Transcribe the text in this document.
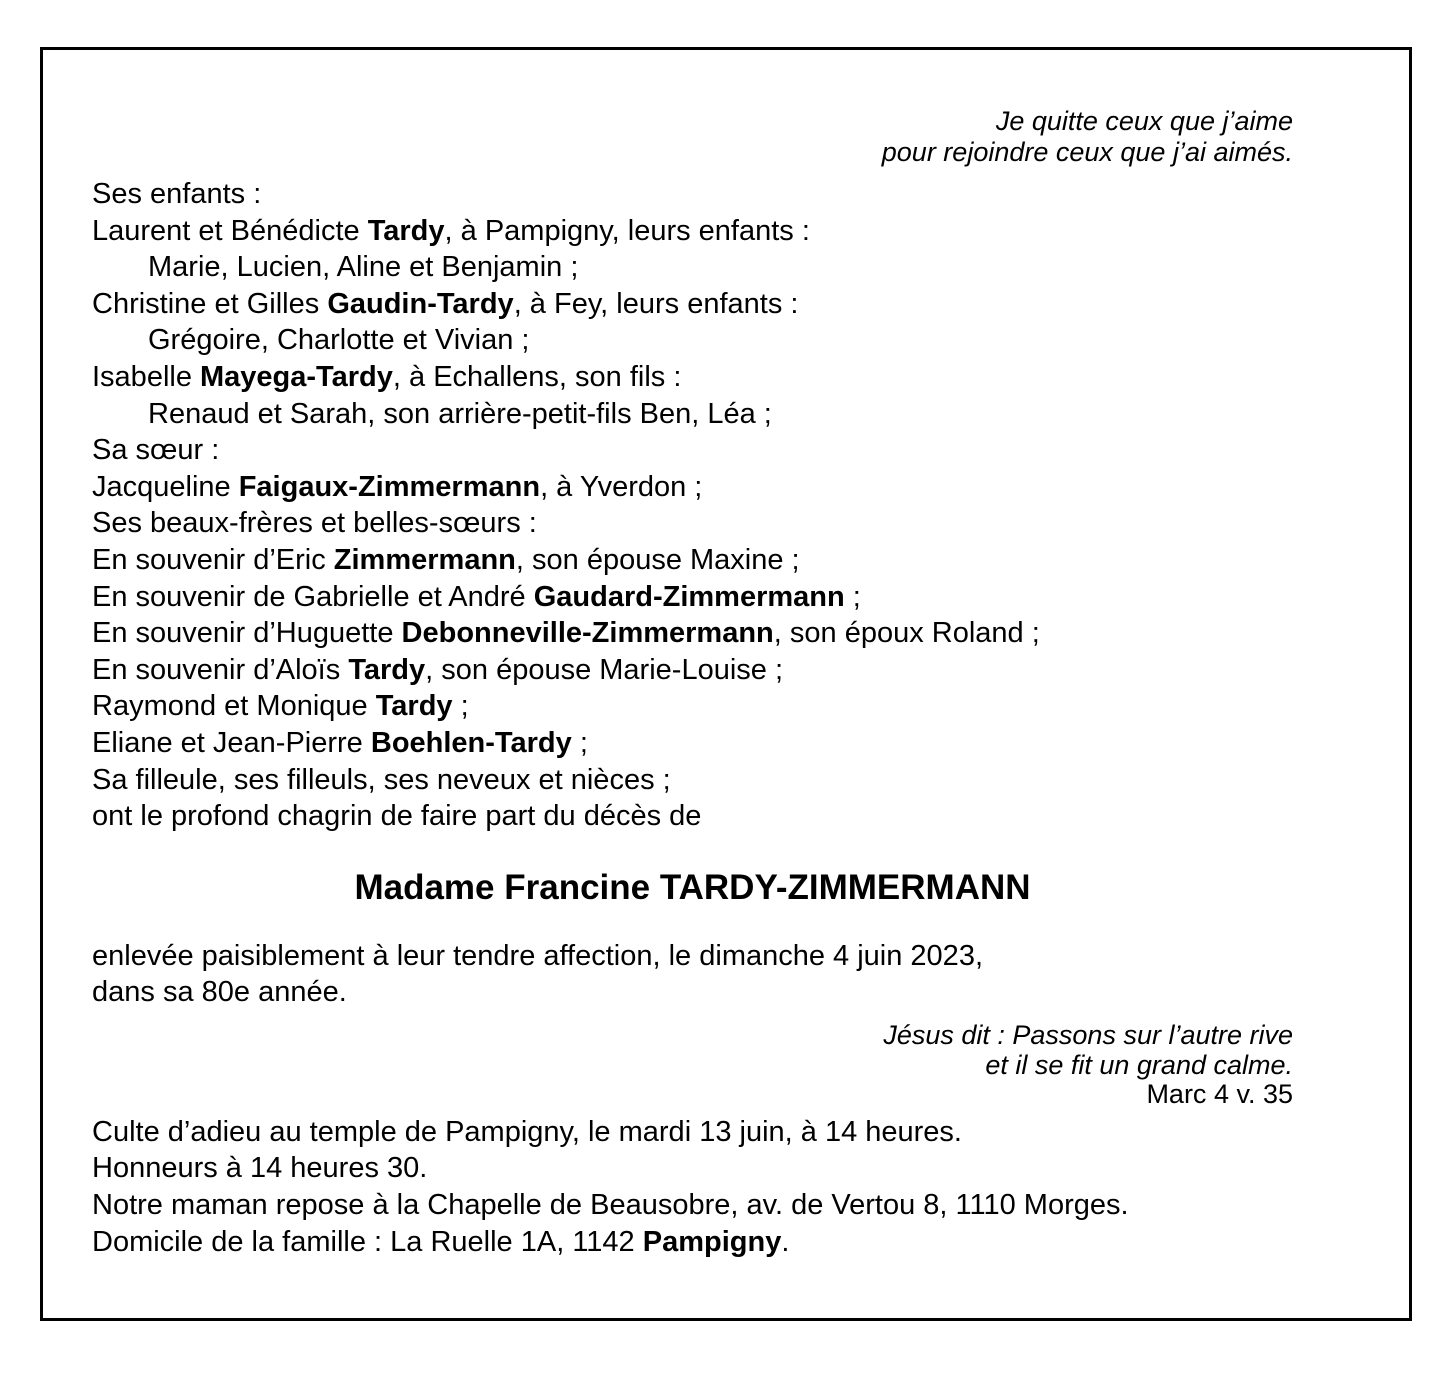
Je quitte ceux que j’aime
pour rejoindre ceux que j’ai aimés.
Ses enfants :
Laurent et Bénédicte Tardy, à Pampigny, leurs enfants :
Marie, Lucien, Aline et Benjamin ;
Christine et Gilles Gaudin-Tardy, à Fey, leurs enfants :
Grégoire, Charlotte et Vivian ;
Isabelle Mayega-Tardy, à Echallens, son fils :
Renaud et Sarah, son arrière-petit-fils Ben, Léa ;
Sa sœur :
Jacqueline Faigaux-Zimmermann, à Yverdon ;
Ses beaux-frères et belles-sœurs :
En souvenir d’Eric Zimmermann, son épouse Maxine ;
En souvenir de Gabrielle et André Gaudard-Zimmermann ;
En souvenir d’Huguette Debonneville-Zimmermann, son époux Roland ;
En souvenir d’Aloïs Tardy, son épouse Marie-Louise ;
Raymond et Monique Tardy ;
Eliane et Jean-Pierre Boehlen-Tardy ;
Sa filleule, ses filleuls, ses neveux et nièces ;
ont le profond chagrin de faire part du décès de
Madame Francine TARDY-ZIMMERMANN
enlevée paisiblement à leur tendre affection, le dimanche 4 juin 2023,
dans sa 80e année.
Jésus dit : Passons sur l’autre rive
et il se fit un grand calme.
Marc 4 v. 35
Culte d’adieu au temple de Pampigny, le mardi 13 juin, à 14 heures.
Honneurs à 14 heures 30.
Notre maman repose à la Chapelle de Beausobre, av. de Vertou 8, 1110 Morges.
Domicile de la famille : La Ruelle 1A, 1142 Pampigny.
